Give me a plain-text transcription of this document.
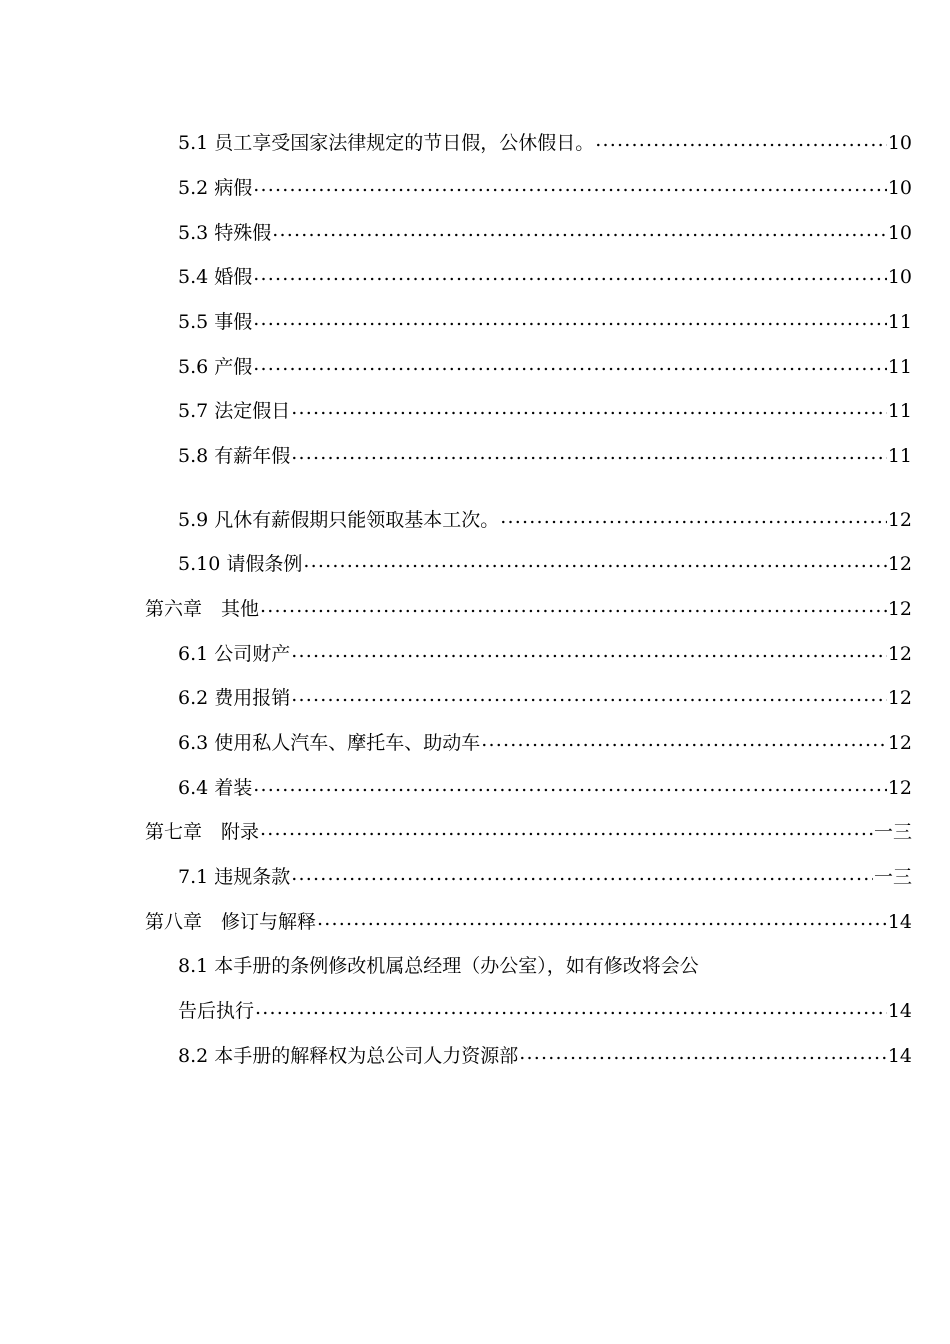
5.1 员工享受国家法律规定的节日假，公休假日。 .....	10
5.2 病假 .....	10
5.3 特殊假 .....	10
5.4 婚假 .....	10
5.5 事假 .....	11
5.6 产假 .....	11
5.7 法定假日 .....	11
5.8 有薪年假 .....	11
5.9 凡休有薪假期只能领取基本工次。 .....	12
5.10 请假条例 .....	12
第六章　其他 .....	12
6.1 公司财产 .....	12
6.2 费用报销 .....	12
6.3 使用私人汽车、摩托车、助动车 .....	12
6.4 着装 .....	12
第七章　附录 .....	一三
7.1 违规条款 .....	一三
第八章　修订与解释 .....	14
8.1 本手册的条例修改机属总经理（办公室），如有修改将会公
告后执行 .....	14
8.2 本手册的解释权为总公司人力资源部 .....	14
